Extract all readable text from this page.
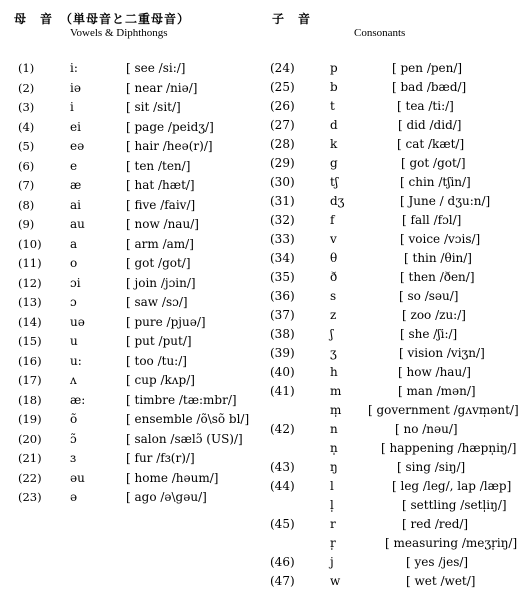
母　音　（単母音と二重母音）
Vowels & Diphthongs
子　音
Consonants
(1)	i:	[ see /si:/]
(2)	iə	[ near /niə/]
(3)	i	[ sit /sit/]
(4)	ei	[ page /peidʒ/]
(5)	eə	[ hair /heə(r)/]
(6)	e	[ ten /ten/]
(7)	æ	[ hat /hæt/]
(8)	ai	[ five /faiv/]
(9)	au	[ now /nau/]
(10) a	[ arm /am/]
(11) o	[ got /got/]
(12) ɔi	[ join /jɔin/]
(13) ɔ	[ saw /sɔ/]
(14) uə	[ pure /pjuə/]
(15) u	[ put /put/]
(16) u:	[ too /tu:/]
(17) ʌ	[ cup /kʌp/]
(18) æ:	[ timbre /tæ:mbr/]
(19) õ	[ ensemble /õ\sõ bl/]
(20) ɔ̃	[ salon /sælɔ̃ (US)/]
(21) ɜ	[ fur /fɜ(r)/]
(22) əu	[ home /həum/]
(23) ə	[ ago /ə\gəu/]
(24)	p	[ pen /pen/]
(25)	b	[ bad /bæd/]
(26)	t	[ tea /ti:/]
(27)	d	[ did /did/]
(28)	k	[ cat /kæt/]
(29)	g	[ got /got/]
(30)	tʃ	[ chin /tʃin/]
(31)	dʒ	[ June / dʒu:n/]
(32)	f	[ fall /fɔl/]
(33)	v	[ voice /vɔis/]
(34)	θ	[ thin /θin/]
(35)	ð	[ then /ðen/]
(36)	s	[ so /səu/]
(37)	z	[ zoo /zu:/]
(38)	ʃ	[ she /ʃi:/]
(39)	ʒ	[ vision /viʒn/]
(40)	h	[ how /hau/]
(41)	m	[ man /mən/]
m̩ [ government /gʌvm̩ənt/]
(42)	n	[ no /nəu/]
n̩	[ happening /hæpn̩iŋ/]
(43)	ŋ	[ sing /siŋ/]
(44)	l	[ leg /leg/, lap /læp]
l̩	[ settling /setl̩iŋ/]
(45)	r	[ red /red/]
r̩	[ measuring /meʒr̩iŋ/]
(46)	j	[ yes /jes/]
(47)	w	[ wet /wet/]
